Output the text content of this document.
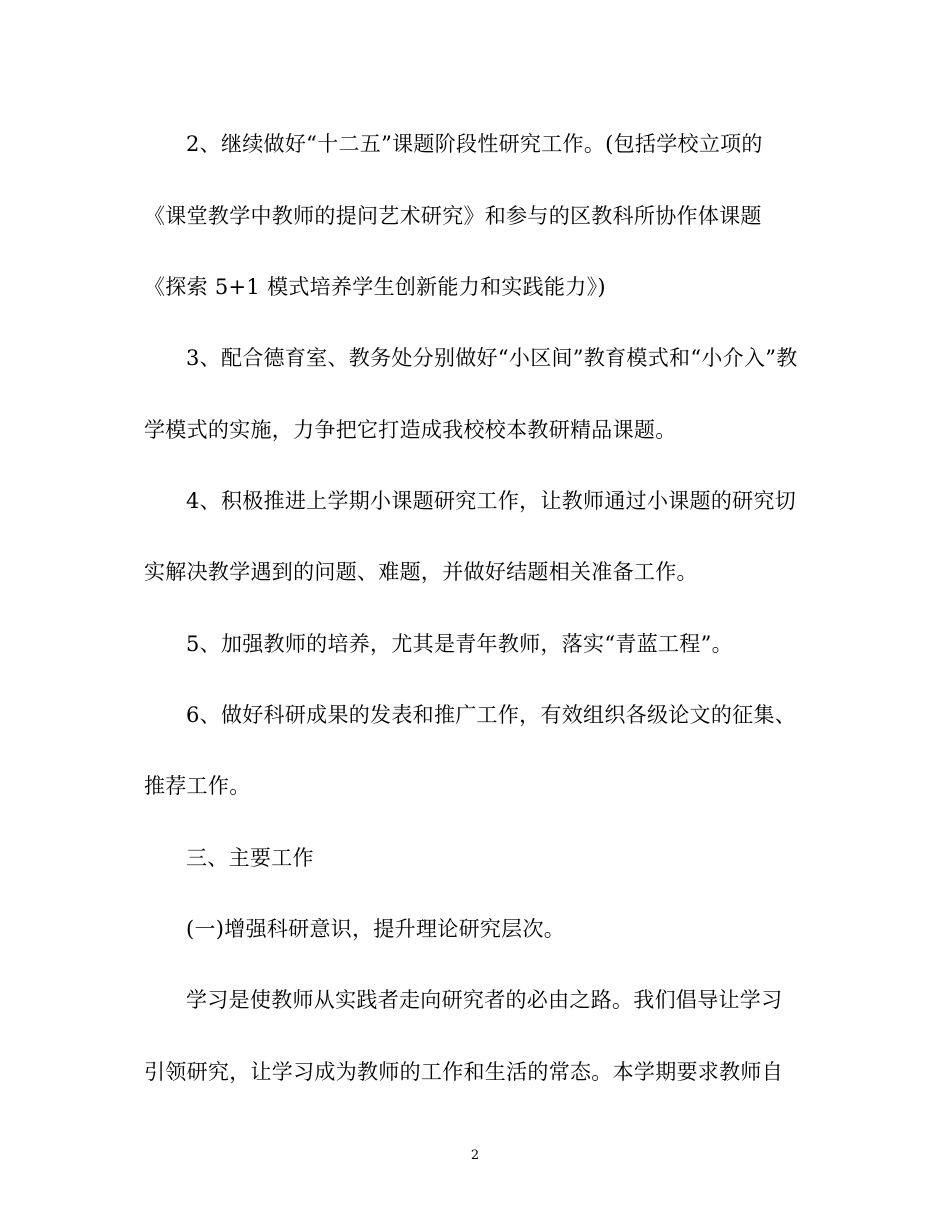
2、继续做好“十二五”课题阶段性研究工作。(包括学校立项的
《课堂教学中教师的提问艺术研究》和参与的区教科所协作体课题
《探索 5+1 模式培养学生创新能力和实践能力》)
3、配合德育室、教务处分别做好“小区间”教育模式和“小介入”教
学模式的实施，力争把它打造成我校校本教研精品课题。
4、积极推进上学期小课题研究工作，让教师通过小课题的研究切
实解决教学遇到的问题、难题，并做好结题相关准备工作。
5、加强教师的培养，尤其是青年教师，落实“青蓝工程”。
6、做好科研成果的发表和推广工作，有效组织各级论文的征集、
推荐工作。
三、主要工作
(一)增强科研意识，提升理论研究层次。
学习是使教师从实践者走向研究者的必由之路。我们倡导让学习
引领研究，让学习成为教师的工作和生活的常态。本学期要求教师自
2
